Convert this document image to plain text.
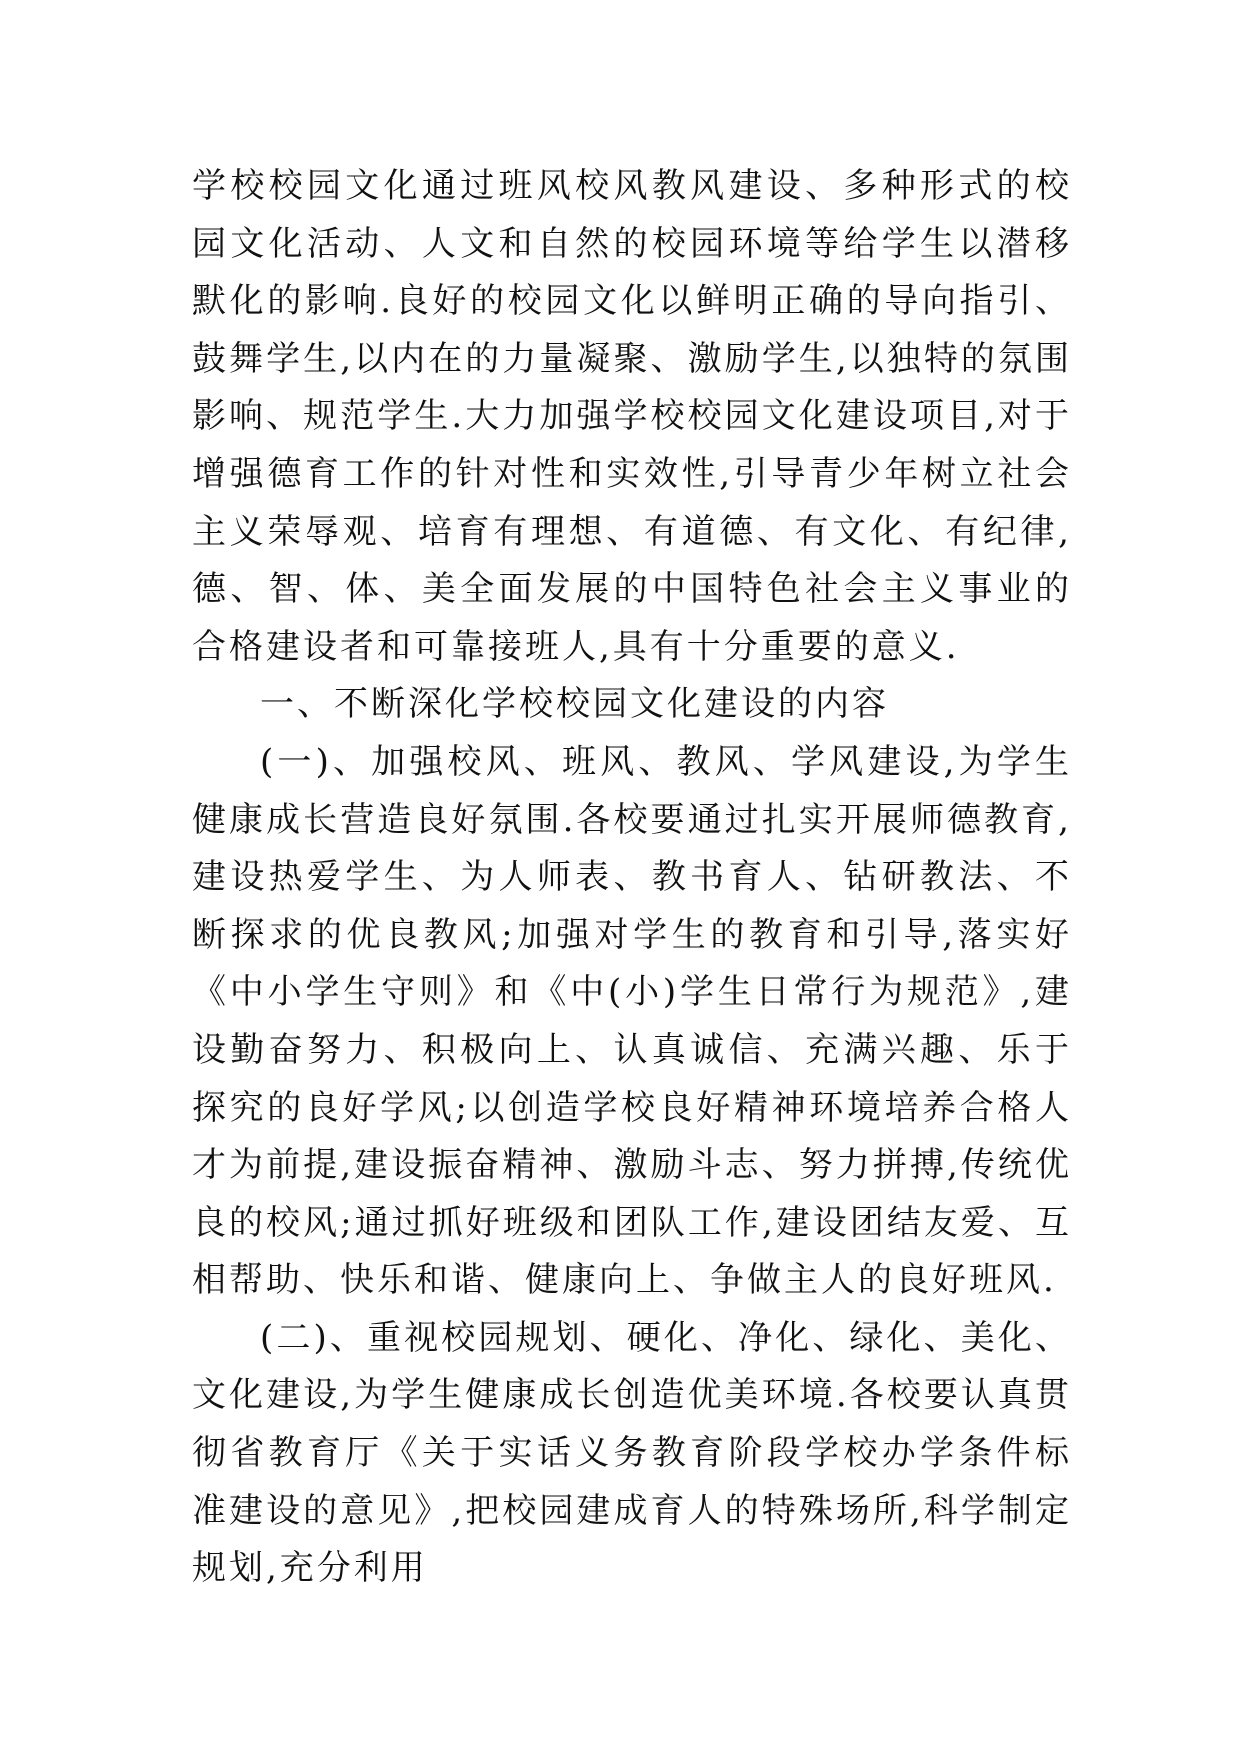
学校校园文化通过班风校风教风建设、多种形式的校园文化活动、人文和自然的校园环境等给学生以潜移默化的影响.良好的校园文化以鲜明正确的导向指引、鼓舞学生,以内在的力量凝聚、激励学生,以独特的氛围影响、规范学生.大力加强学校校园文化建设项目,对于增强德育工作的针对性和实效性,引导青少年树立社会主义荣辱观、培育有理想、有道德、有文化、有纪律,德、智、体、美全面发展的中国特色社会主义事业的合格建设者和可靠接班人,具有十分重要的意义.

一、不断深化学校校园文化建设的内容

(一)、加强校风、班风、教风、学风建设,为学生健康成长营造良好氛围.各校要通过扎实开展师德教育,建设热爱学生、为人师表、教书育人、钻研教法、不断探求的优良教风;加强对学生的教育和引导,落实好《中小学生守则》和《中(小)学生日常行为规范》,建设勤奋努力、积极向上、认真诚信、充满兴趣、乐于探究的良好学风;以创造学校良好精神环境培养合格人才为前提,建设振奋精神、激励斗志、努力拼搏,传统优良的校风;通过抓好班级和团队工作,建设团结友爱、互相帮助、快乐和谐、健康向上、争做主人的良好班风.

(二)、重视校园规划、硬化、净化、绿化、美化、文化建设,为学生健康成长创造优美环境.各校要认真贯彻省教育厅《关于实话义务教育阶段学校办学条件标准建设的意见》,把校园建成育人的特殊场所,科学制定规划,充分利用
